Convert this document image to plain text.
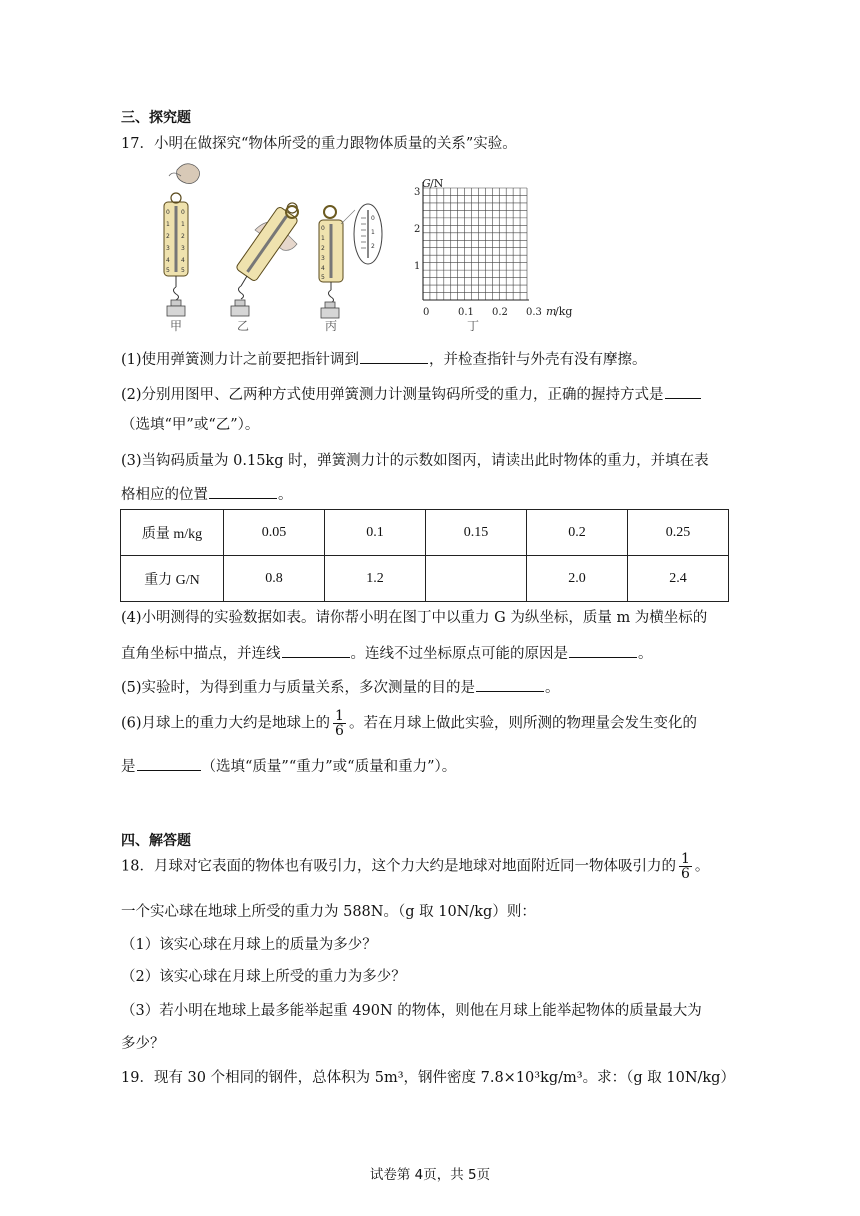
三、探究题
17．小明在做探究“物体所受的重力跟物体质量的关系”实验。
0
1
2
3
4
5
0
1
2
3
4
5
0
1
2
3
4
5
0
1
2
G /N
1
2
3
0	0.1 0.2 0.3 m
/kg
甲	乙	丙	丁
(1)使用弹簧测力计之前要把指针调到	，并检查指针与外壳有没有摩擦。
(2)分别用图甲、乙两种方式使用弹簧测力计测量钩码所受的重力，正确的握持方式是
（选填“甲”或“乙”）。
(3)当钩码质量为 0.15kg 时，弹簧测力计的示数如图丙，请读出此时物体的重力，并填在表
格相应的位置	。
质量 m/kg	0.05	0.1	0.15	0.2	0.25
重力 G/N	0.8	1.2		2.0	2.4
(4)小明测得的实验数据如表。请你帮小明在图丁中以重力 G 为纵坐标，质量 m 为横坐标的
直角坐标中描点，并连线	。连线不过坐标原点可能的原因是	。
(5)实验时，为得到重力与质量关系，多次测量的目的是	。
(6)月球上的重力大约是地球上的 $\frac{1}{6}$ 。若在月球上做此实验，则所测的物理量会发生变化的
是	（选填“质量”“重力”或“质量和重力”）。
四、解答题
18．月球对它表面的物体也有吸引力，这个力大约是地球对地面附近同一物体吸引力的 $\frac{1}{6}$ 。
一个实心球在地球上所受的重力为 588N。（g 取 10N/kg）则：
（1）该实心球在月球上的质量为多少？
（2）该实心球在月球上所受的重力为多少？
（3）若小明在地球上最多能举起重 490N 的物体，则他在月球上能举起物体的质量最大为
多少？
19．现有 30 个相同的钢件，总体积为 5m³，钢件密度 7.8×10³kg/m³。求：（g 取 10N/kg）
试卷第 4页，共 5页
